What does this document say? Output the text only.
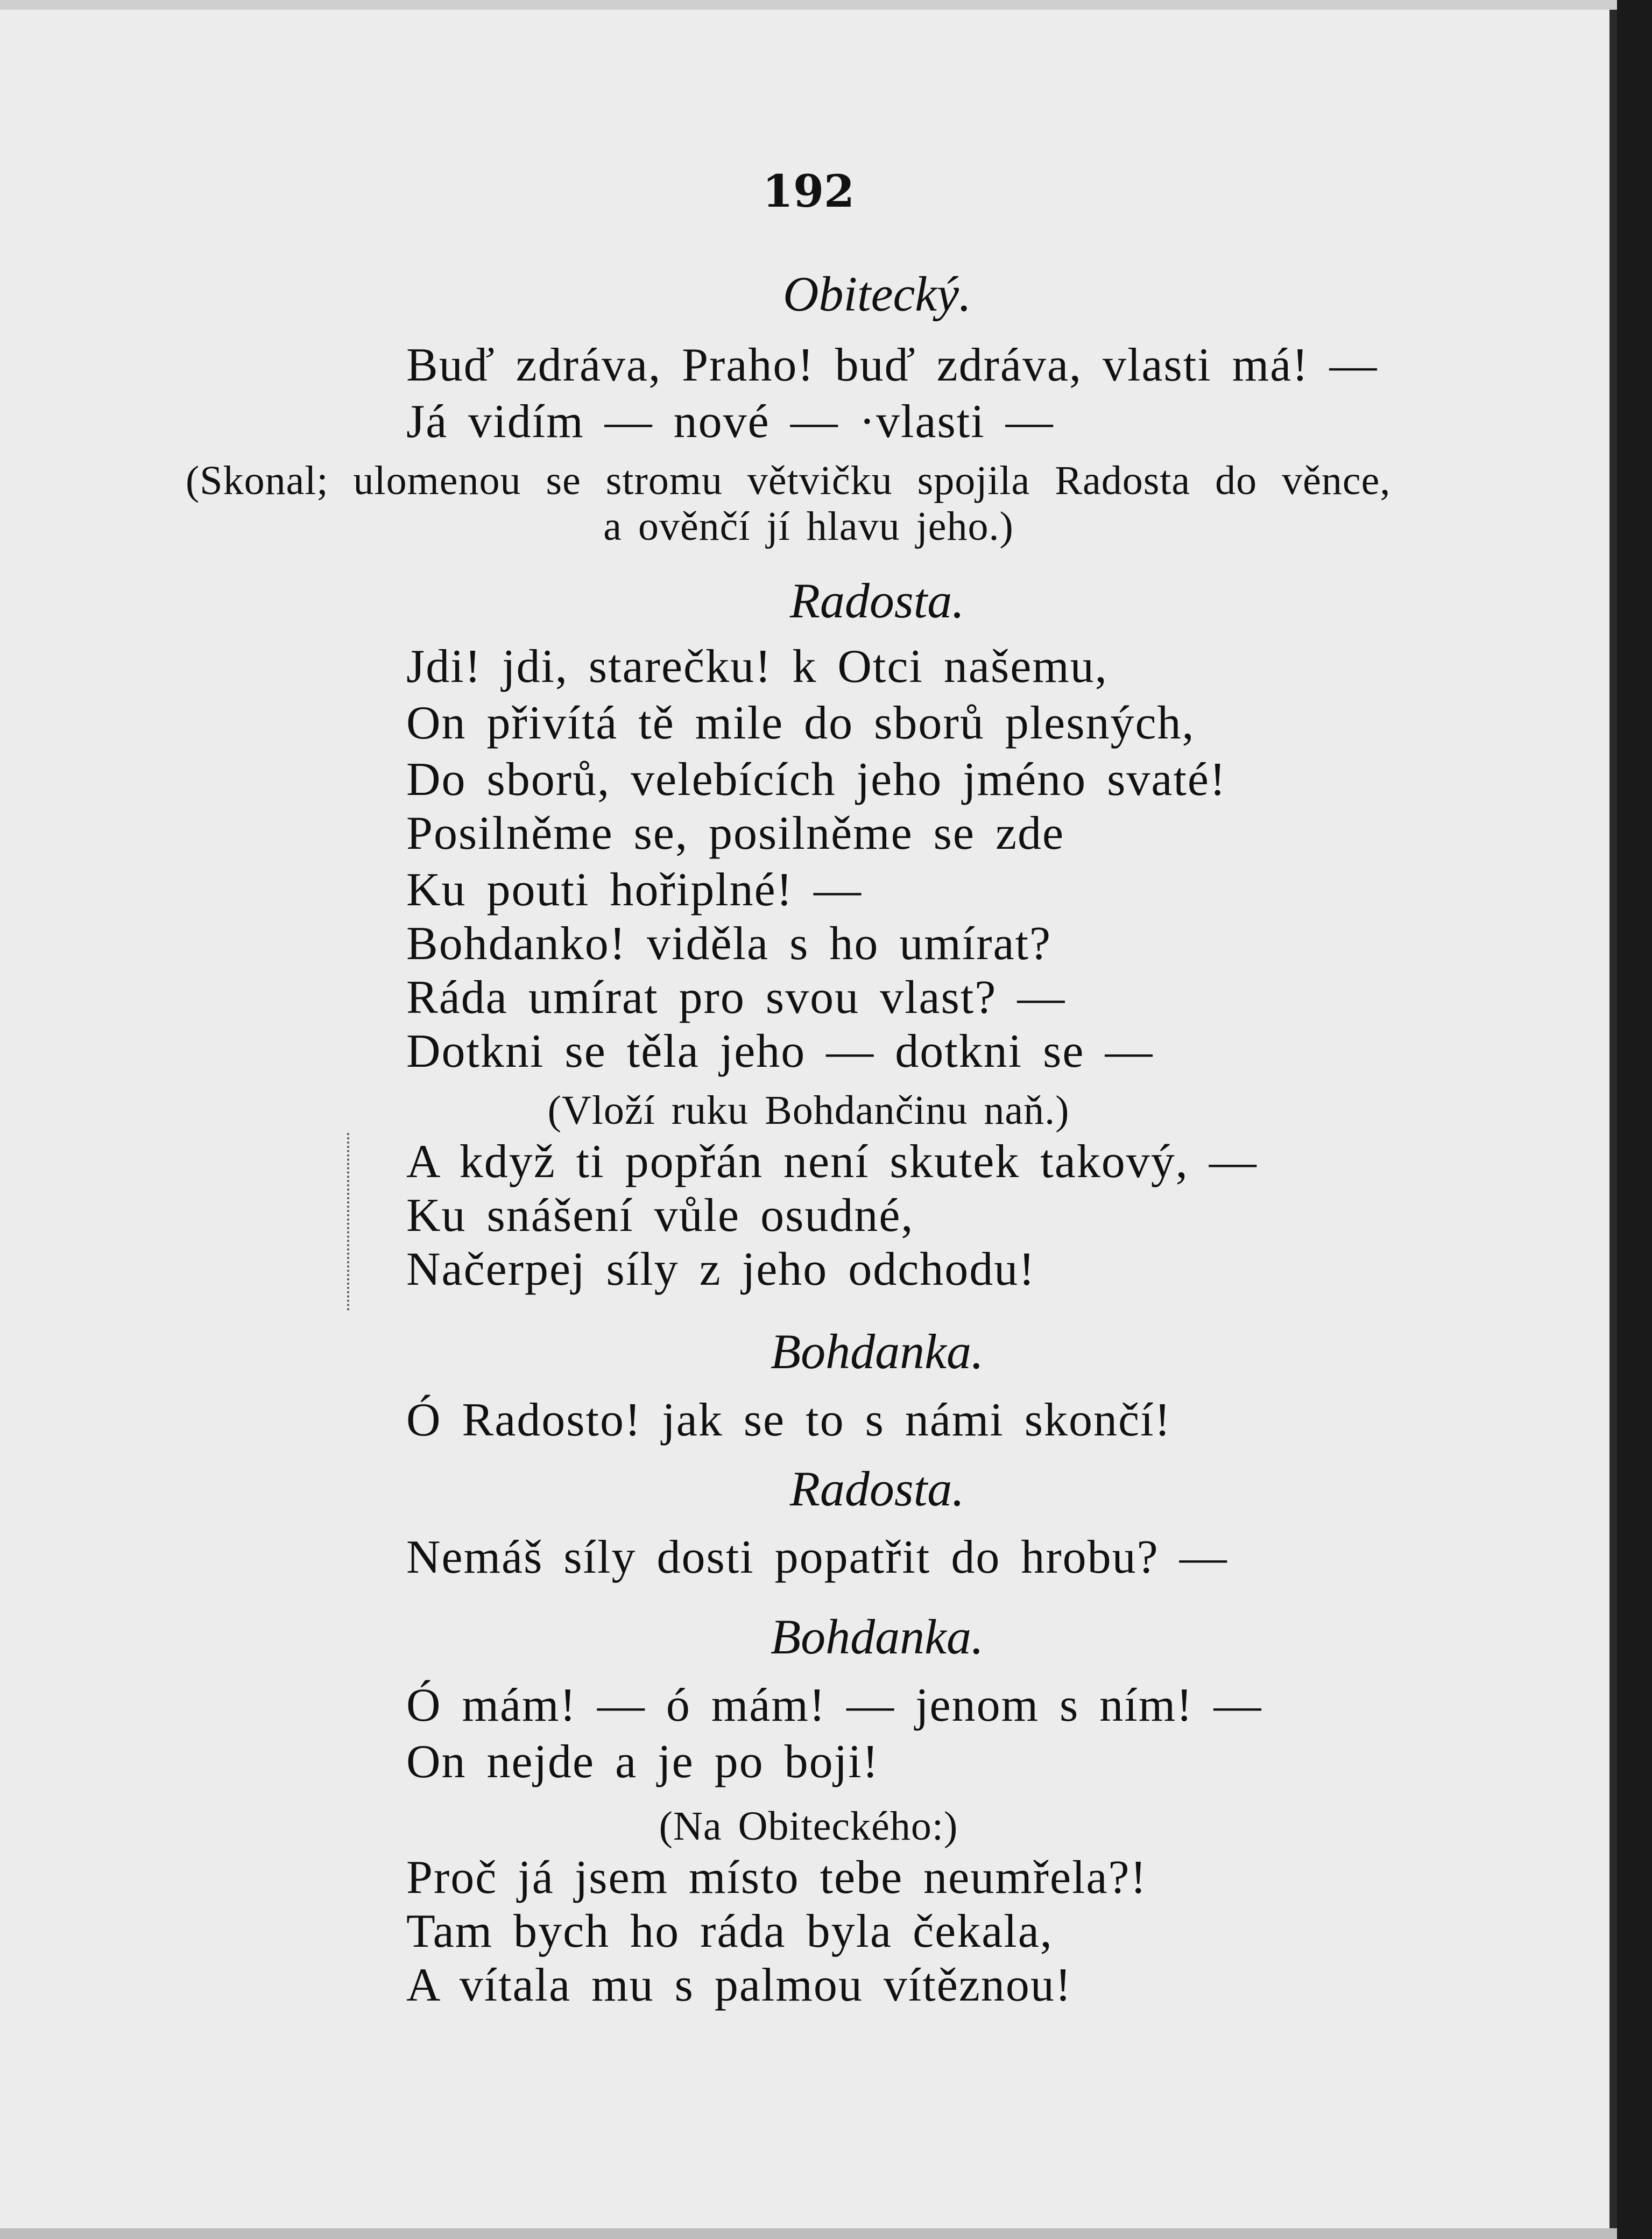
192
Obitecký.
Buď zdráva, Praho! buď zdráva, vlasti má! —
Já vidím — nové — ·vlasti —
(Skonal; ulomenou se stromu větvičku spojila Radosta do věnce,
a ověnčí jí hlavu jeho.)
Radosta.
Jdi! jdi, starečku! k Otci našemu,
On přivítá tě mile do sborů plesných,
Do sborů, velebících jeho jméno svaté!
Posilněme se, posilněme se zde
Ku pouti hořiplné! —
Bohdanko! viděla s ho umírat?
Ráda umírat pro svou vlast? —
Dotkni se těla jeho — dotkni se —
(Vloží ruku Bohdančinu naň.)
A když ti popřán není skutek takový, —
Ku snášení vůle osudné,
Načerpej síly z jeho odchodu!
Bohdanka.
Ó Radosto! jak se to s námi skončí!
Radosta.
Nemáš síly dosti popatřit do hrobu? —
Bohdanka.
Ó mám! — ó mám! — jenom s ním! —
On nejde a je po boji!
(Na Obiteckého:)
Proč já jsem místo tebe neumřela?!
Tam bych ho ráda byla čekala,
A vítala mu s palmou vítěznou!
